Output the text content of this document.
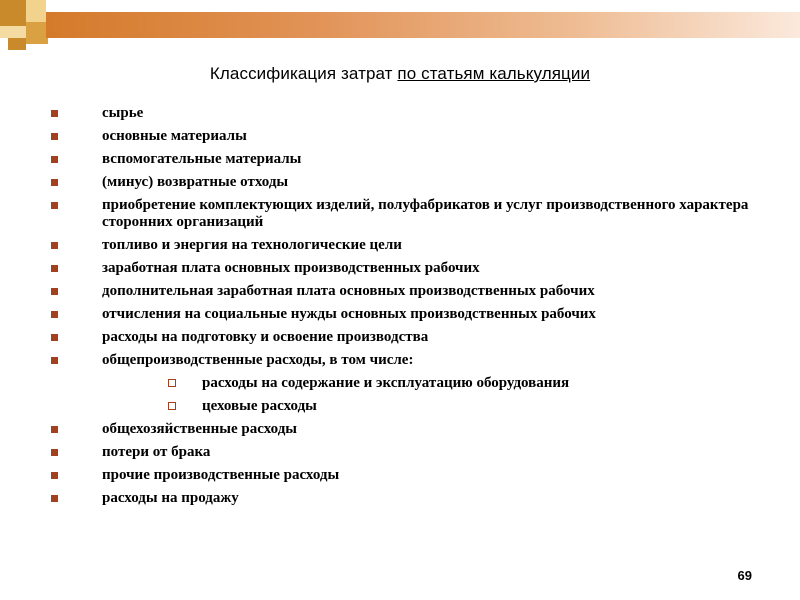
Классификация затрат по статьям калькуляции
сырье
основные материалы
вспомогательные материалы
(минус) возвратные отходы
приобретение комплектующих изделий, полуфабрикатов и услуг производственного характера сторонних организаций
топливо и энергия на технологические цели
заработная плата основных производственных рабочих
дополнительная заработная плата основных производственных рабочих
отчисления на социальные нужды основных производственных рабочих
расходы на подготовку и освоение производства
общепроизводственные расходы, в том числе:
расходы на содержание и эксплуатацию оборудования
цеховые расходы
общехозяйственные расходы
потери от брака
прочие производственные расходы
расходы на продажу
69
